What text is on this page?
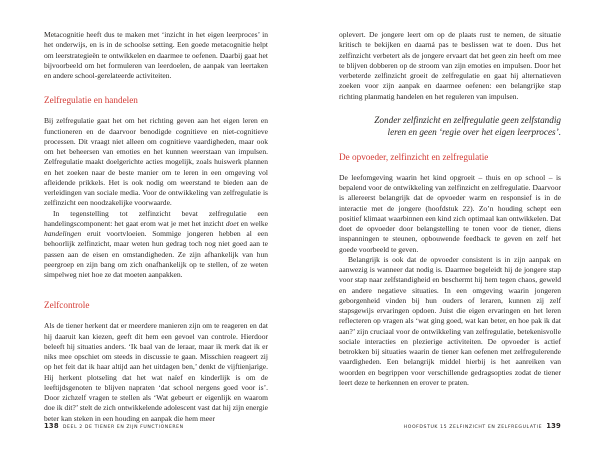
Metacognitie heeft dus te maken met ‘inzicht in het eigen leerproces’ in het onderwijs, en is in de schoolse setting. Een goede metacognitie helpt om leerstrategieën te ontwikkelen en daarmee te oefenen. Daarbij gaat het bijvoorbeeld om het formuleren van leerdoelen, de aanpak van leertaken en andere school-gerelateerde activiteiten.

Zelfregulatie en handelen

Bij zelfregulatie gaat het om het richting geven aan het eigen leren en functioneren en de daarvoor benodigde cognitieve en niet-cognitieve processen. Dit vraagt niet alleen om cognitieve vaardigheden, maar ook om het beheersen van emoties en het kunnen weerstaan van impulsen. Zelfregulatie maakt doelgerichte acties mogelijk, zoals huiswerk plannen en het zoeken naar de beste manier om te leren in een omgeving vol afleidende prikkels. Het is ook nodig om weerstand te bieden aan de verleidingen van sociale media. Voor de ontwikkeling van zelfregulatie is zelfinzicht een noodzakelijke voorwaarde.

In tegenstelling tot zelfinzicht bevat zelfregulatie een handelingscomponent: het gaat erom wat je met het inzicht doet en welke handelingen eruit voortvloeien. Sommige jongeren hebben al een behoorlijk zelfinzicht, maar weten hun gedrag toch nog niet goed aan te passen aan de eisen en omstandigheden. Ze zijn afhankelijk van hun peergroep en zijn bang om zich onafhankelijk op te stellen, of ze weten simpelweg niet hoe ze dat moeten aanpakken.

Zelfcontrole

Als de tiener herkent dat er meerdere manieren zijn om te reageren en dat hij daaruit kan kiezen, geeft dit hem een gevoel van controle. Hierdoor beleeft hij situaties anders. ‘Ik baal van de leraar, maar ik merk dat ik er niks mee opschiet om steeds in discussie te gaan. Misschien reageert zij op het feit dat ik haar altijd aan het uitdagen ben,’ denkt de vijftienjarige. Hij herkent plotseling dat het wat naïef en kinderlijk is om de leeftijdsgenoten te blijven napraten ‘dat school nergens goed voor is’. Door zichzelf vragen te stellen als ‘Wat gebeurt er eigenlijk en waarom doe ik dit?’ stelt de zich ontwikkelende adolescent vast dat hij zijn energie beter kan steken in een houding en aanpak die hem meer

138 DEEL 2 DE TIENER EN ZIJN FUNCTIONEREN

oplevert. De jongere leert om op de plaats rust te nemen, de situatie kritisch te bekijken en daarná pas te beslissen wat te doen. Dus het zelfinzicht verbetert als de jongere ervaart dat het geen zin heeft om mee te blijven dobberen op de stroom van zijn emoties en impulsen. Door het verbeterde zelfinzicht groeit de zelfregulatie en gaat hij alternatieven zoeken voor zijn aanpak en daarmee oefenen: een belangrijke stap richting planmatig handelen en het reguleren van impulsen.

Zonder zelfinzicht en zelfregulatie geen zelfstandig
leren en geen ‘regie over het eigen leerproces’.
De opvoeder, zelfinzicht en zelfregulatie

De leefomgeving waarin het kind opgroeit – thuis en op school – is bepalend voor de ontwikkeling van zelfinzicht en zelfregulatie. Daarvoor is allereerst belangrijk dat de opvoeder warm en responsief is in de interactie met de jongere (hoofdstuk 22). Zo’n houding schept een positief klimaat waarbinnen een kind zich optimaal kan ontwikkelen. Dat doet de opvoeder door belangstelling te tonen voor de tiener, diens inspanningen te steunen, opbouwende feedback te geven en zelf het goede voorbeeld te geven.

Belangrijk is ook dat de opvoeder consistent is in zijn aanpak en aanwezig is wanneer dat nodig is. Daarmee begeleidt hij de jongere stap voor stap naar zelfstandigheid en beschermt hij hem tegen chaos, geweld en andere negatieve situaties. In een omgeving waarin jongeren geborgenheid vinden bij hun ouders of leraren, kunnen zij zelf stapsgewijs ervaringen opdoen. Juist die eigen ervaringen en het leren reflecteren op vragen als ‘wat ging goed, wat kan beter, en hoe pak ik dat aan?’ zijn cruciaal voor de ontwikkeling van zelfregulatie, betekenisvolle sociale interacties en plezierige activiteiten. De opvoeder is actief betrokken bij situaties waarin de tiener kan oefenen met zelfregulerende vaardigheden. Een belangrijk middel hierbij is het aanreiken van woorden en begrippen voor verschillende gedragsopties zodat de tiener leert deze te herkennen en erover te praten.

HOOFDSTUK 15 ZELFINZICHT EN ZELFREGULATIE 139
